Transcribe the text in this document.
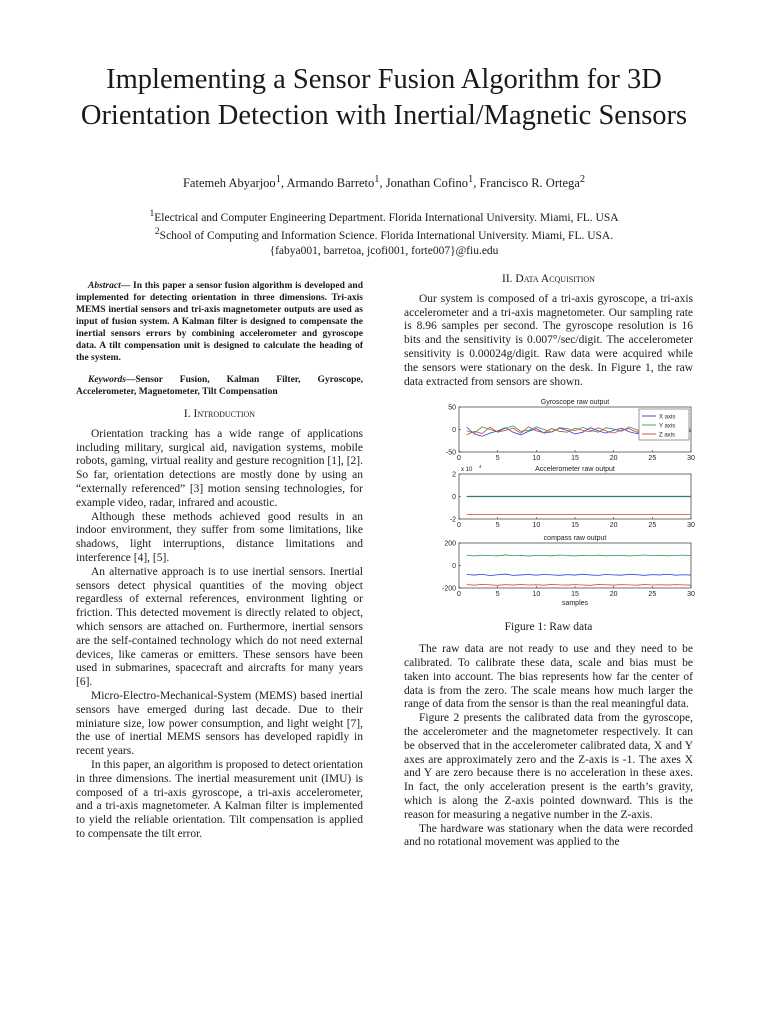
Implementing a Sensor Fusion Algorithm for 3D Orientation Detection with Inertial/Magnetic Sensors
Fatemeh Abyarjoo$^1$, Armando Barreto$^1$, Jonathan Cofino$^1$, Francisco R. Ortega$^2$
$^1$Electrical and Computer Engineering Department. Florida International University. Miami, FL. USA
$^2$School of Computing and Information Science. Florida International University. Miami, FL. USA.
{fabya001, barretoa, jcofi001, forte007}@fiu.edu

Abstract— In this paper a sensor fusion algorithm is developed and implemented for detecting orientation in three dimensions. Tri-axis MEMS inertial sensors and tri-axis magnetometer outputs are used as input of fusion system. A Kalman filter is designed to compensate the inertial sensors errors by combining accelerometer and gyroscope data. A tilt compensation unit is designed to calculate the heading of the system.

Keywords—Sensor Fusion, Kalman Filter, Gyroscope, Accelerometer, Magnetometer, Tilt Compensation

I. Introduction

Orientation tracking has a wide range of applications including military, surgical aid, navigation systems, mobile robots, gaming, virtual reality and gesture recognition [1], [2]. So far, orientation detections are mostly done by using an “externally referenced” [3] motion sensing technologies, for example video, radar, infrared and acoustic.

Although these methods achieved good results in an indoor environment, they suffer from some limitations, like shadows, light interruptions, distance limitations and interference [4], [5].

An alternative approach is to use inertial sensors. Inertial sensors detect physical quantities of the moving object regardless of external references, environment lighting or friction. This detected movement is directly related to object, which sensors are attached on. Furthermore, inertial sensors are the self-contained technology which do not need external devices, like cameras or emitters. These sensors have been used in submarines, spacecraft and aircrafts for many years [6].

Micro-Electro-Mechanical-System (MEMS) based inertial sensors have emerged during last decade. Due to their miniature size, low power consumption, and light weight [7], the use of inertial MEMS sensors has developed rapidly in recent years.

In this paper, an algorithm is proposed to detect orientation in three dimensions. The inertial measurement unit (IMU) is composed of a tri-axis gyroscope, a tri-axis accelerometer, and a tri-axis magnetometer. A Kalman filter is implemented to yield the reliable orientation. Tilt compensation is applied to compensate the tilt error.

II. Data Acquisition

Our system is composed of a tri-axis gyroscope, a tri-axis accelerometer and a tri-axis magnetometer. Our sampling rate is 8.96 samples per second. The gyroscope resolution is 16 bits and the sensitivity is 0.007°/sec/digit. The accelerometer sensitivity is 0.00024g/digit. Raw data were acquired while the sensors were stationary on the desk. In Figure 1, the raw data extracted from sensors are shown.

Gyroscope raw output
0	5	10	15	20	25	30
50
0
-50
X axis
Y axis
Z axis
Accelerometer raw output
0	5	10	15	20	25	30
2
0
-2
x 10
4
compass raw output
0	5	10	15	20	25	30
200
0
-200
samples
Figure 1: Raw data

The raw data are not ready to use and they need to be calibrated. To calibrate these data, scale and bias must be taken into account. The bias represents how far the center of data is from the zero. The scale means how much larger the range of data from the sensor is than the real meaningful data.

Figure 2 presents the calibrated data from the gyroscope, the accelerometer and the magnetometer respectively. It can be observed that in the accelerometer calibrated data, X and Y axes are approximately zero and the Z-axis is -1. The axes X and Y are zero because there is no acceleration in these axes. In fact, the only acceleration present is the earth’s gravity, which is along the Z-axis pointed downward. This is the reason for measuring a negative number in the Z-axis.

The hardware was stationary when the data were recorded and no rotational movement was applied to the
